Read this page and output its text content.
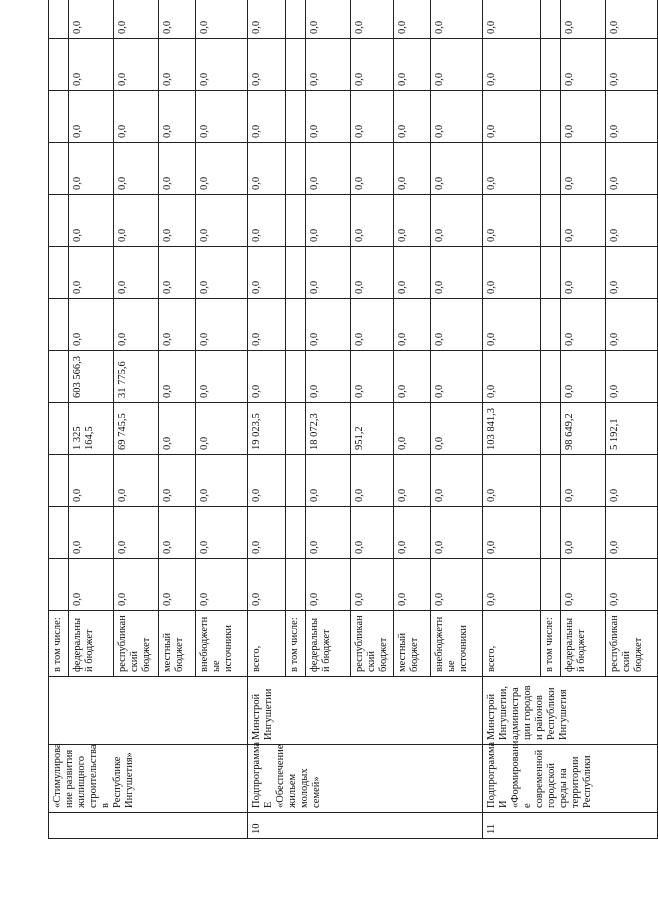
	«Стимулирова ние развития жилищного строительства в Республике Ингушетия»		в том числе:												
			федеральны й бюджет	0,0	0,0	0,0	1 325 164,5	603 566,3	0,0	0,0	0,0	0,0	0,0	0,0	0,0
			республикан ский бюджет	0,0	0,0	0,0	69 745,5	31 775,6	0,0	0,0	0,0	0,0	0,0	0,0	0,0
			местный бюджет	0,0	0,0	0,0	0,0	0,0	0,0	0,0	0,0	0,0	0,0	0,0	0,0
			внебюджетн ые источники	0,0	0,0	0,0	0,0	0,0	0,0	0,0	0,0	0,0	0,0	0,0	0,0
10	Подпрограмма Е «Обеспечение жильем молодых семей»	Минстрой Ингушетии	всего,	0,0	0,0	0,0	19 023,5	0,0	0,0	0,0	0,0	0,0	0,0	0,0	0,0
			в том числе:												
			федеральны й бюджет	0,0	0,0	0,0	18 072,3	0,0	0,0	0,0	0,0	0,0	0,0	0,0	0,0
			республикан ский бюджет	0,0	0,0	0,0	951,2	0,0	0,0	0,0	0,0	0,0	0,0	0,0	0,0
			местный бюджет	0,0	0,0	0,0	0,0	0,0	0,0	0,0	0,0	0,0	0,0	0,0	0,0
			внебюджетн ые источники	0,0	0,0	0,0	0,0	0,0	0,0	0,0	0,0	0,0	0,0	0,0	0,0
11	Подпрограмма И «Формировани е современной городской среды на территории Республики	Минстрой Ингушетии, администра ции городов и районов Республики Ингушетия	всего,	0,0	0,0	0,0	103 841,3	0,0	0,0	0,0	0,0	0,0	0,0	0,0	0,0
			в том числе:												
			федеральны й бюджет	0,0	0,0	0,0	98 649,2	0,0	0,0	0,0	0,0	0,0	0,0	0,0	0,0
			республикан ский бюджет	0,0	0,0	0,0	5 192,1	0,0	0,0	0,0	0,0	0,0	0,0	0,0	0,0
